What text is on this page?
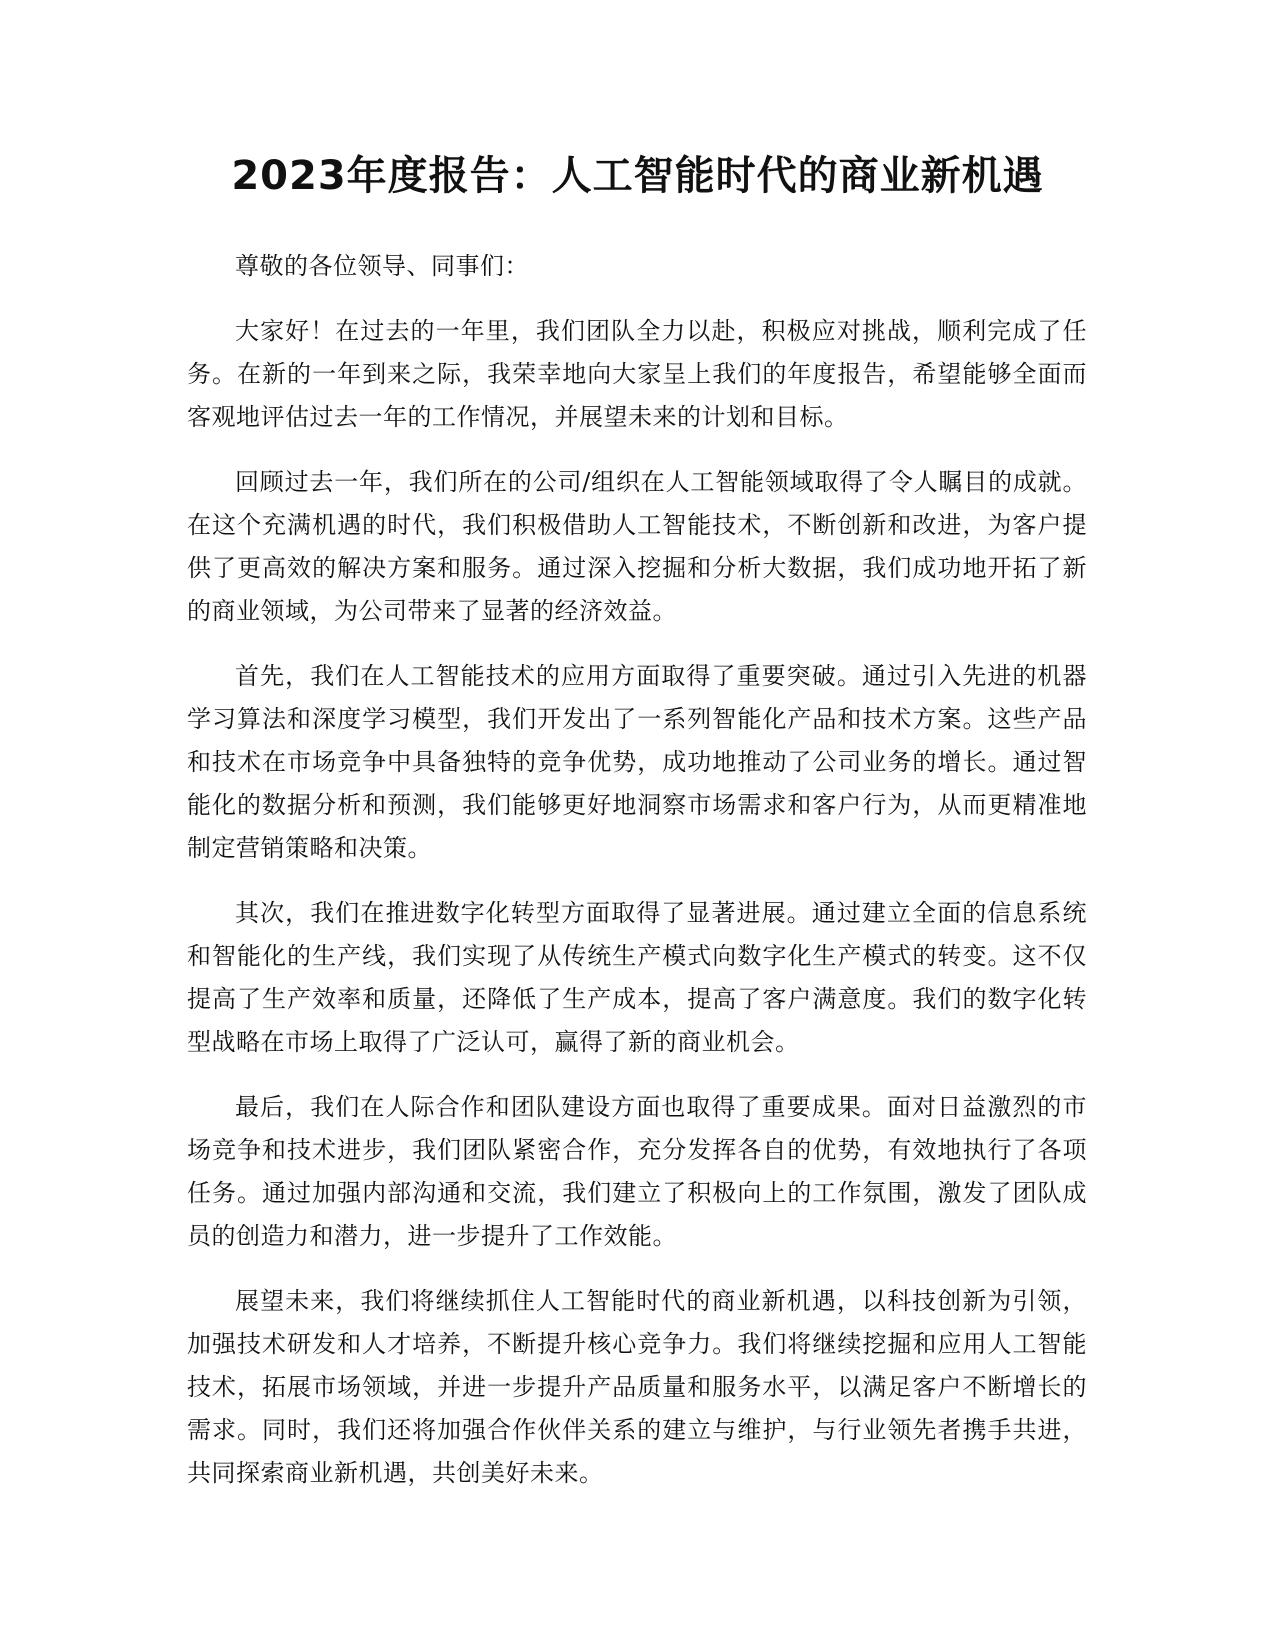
2023年度报告：人工智能时代的商业新机遇

尊敬的各位领导、同事们：

大家好！在过去的一年里，我们团队全力以赴，积极应对挑战，顺利完成了任务。在新的一年到来之际，我荣幸地向大家呈上我们的年度报告，希望能够全面而客观地评估过去一年的工作情况，并展望未来的计划和目标。

回顾过去一年，我们所在的公司/组织在人工智能领域取得了令人瞩目的成就。在这个充满机遇的时代，我们积极借助人工智能技术，不断创新和改进，为客户提供了更高效的解决方案和服务。通过深入挖掘和分析大数据，我们成功地开拓了新的商业领域，为公司带来了显著的经济效益。

首先，我们在人工智能技术的应用方面取得了重要突破。通过引入先进的机器学习算法和深度学习模型，我们开发出了一系列智能化产品和技术方案。这些产品和技术在市场竞争中具备独特的竞争优势，成功地推动了公司业务的增长。通过智能化的数据分析和预测，我们能够更好地洞察市场需求和客户行为，从而更精准地制定营销策略和决策。

其次，我们在推进数字化转型方面取得了显著进展。通过建立全面的信息系统和智能化的生产线，我们实现了从传统生产模式向数字化生产模式的转变。这不仅提高了生产效率和质量，还降低了生产成本，提高了客户满意度。我们的数字化转型战略在市场上取得了广泛认可，赢得了新的商业机会。

最后，我们在人际合作和团队建设方面也取得了重要成果。面对日益激烈的市场竞争和技术进步，我们团队紧密合作，充分发挥各自的优势，有效地执行了各项任务。通过加强内部沟通和交流，我们建立了积极向上的工作氛围，激发了团队成员的创造力和潜力，进一步提升了工作效能。

展望未来，我们将继续抓住人工智能时代的商业新机遇，以科技创新为引领，加强技术研发和人才培养，不断提升核心竞争力。我们将继续挖掘和应用人工智能技术，拓展市场领域，并进一步提升产品质量和服务水平，以满足客户不断增长的需求。同时，我们还将加强合作伙伴关系的建立与维护，与行业领先者携手共进，共同探索商业新机遇，共创美好未来。
